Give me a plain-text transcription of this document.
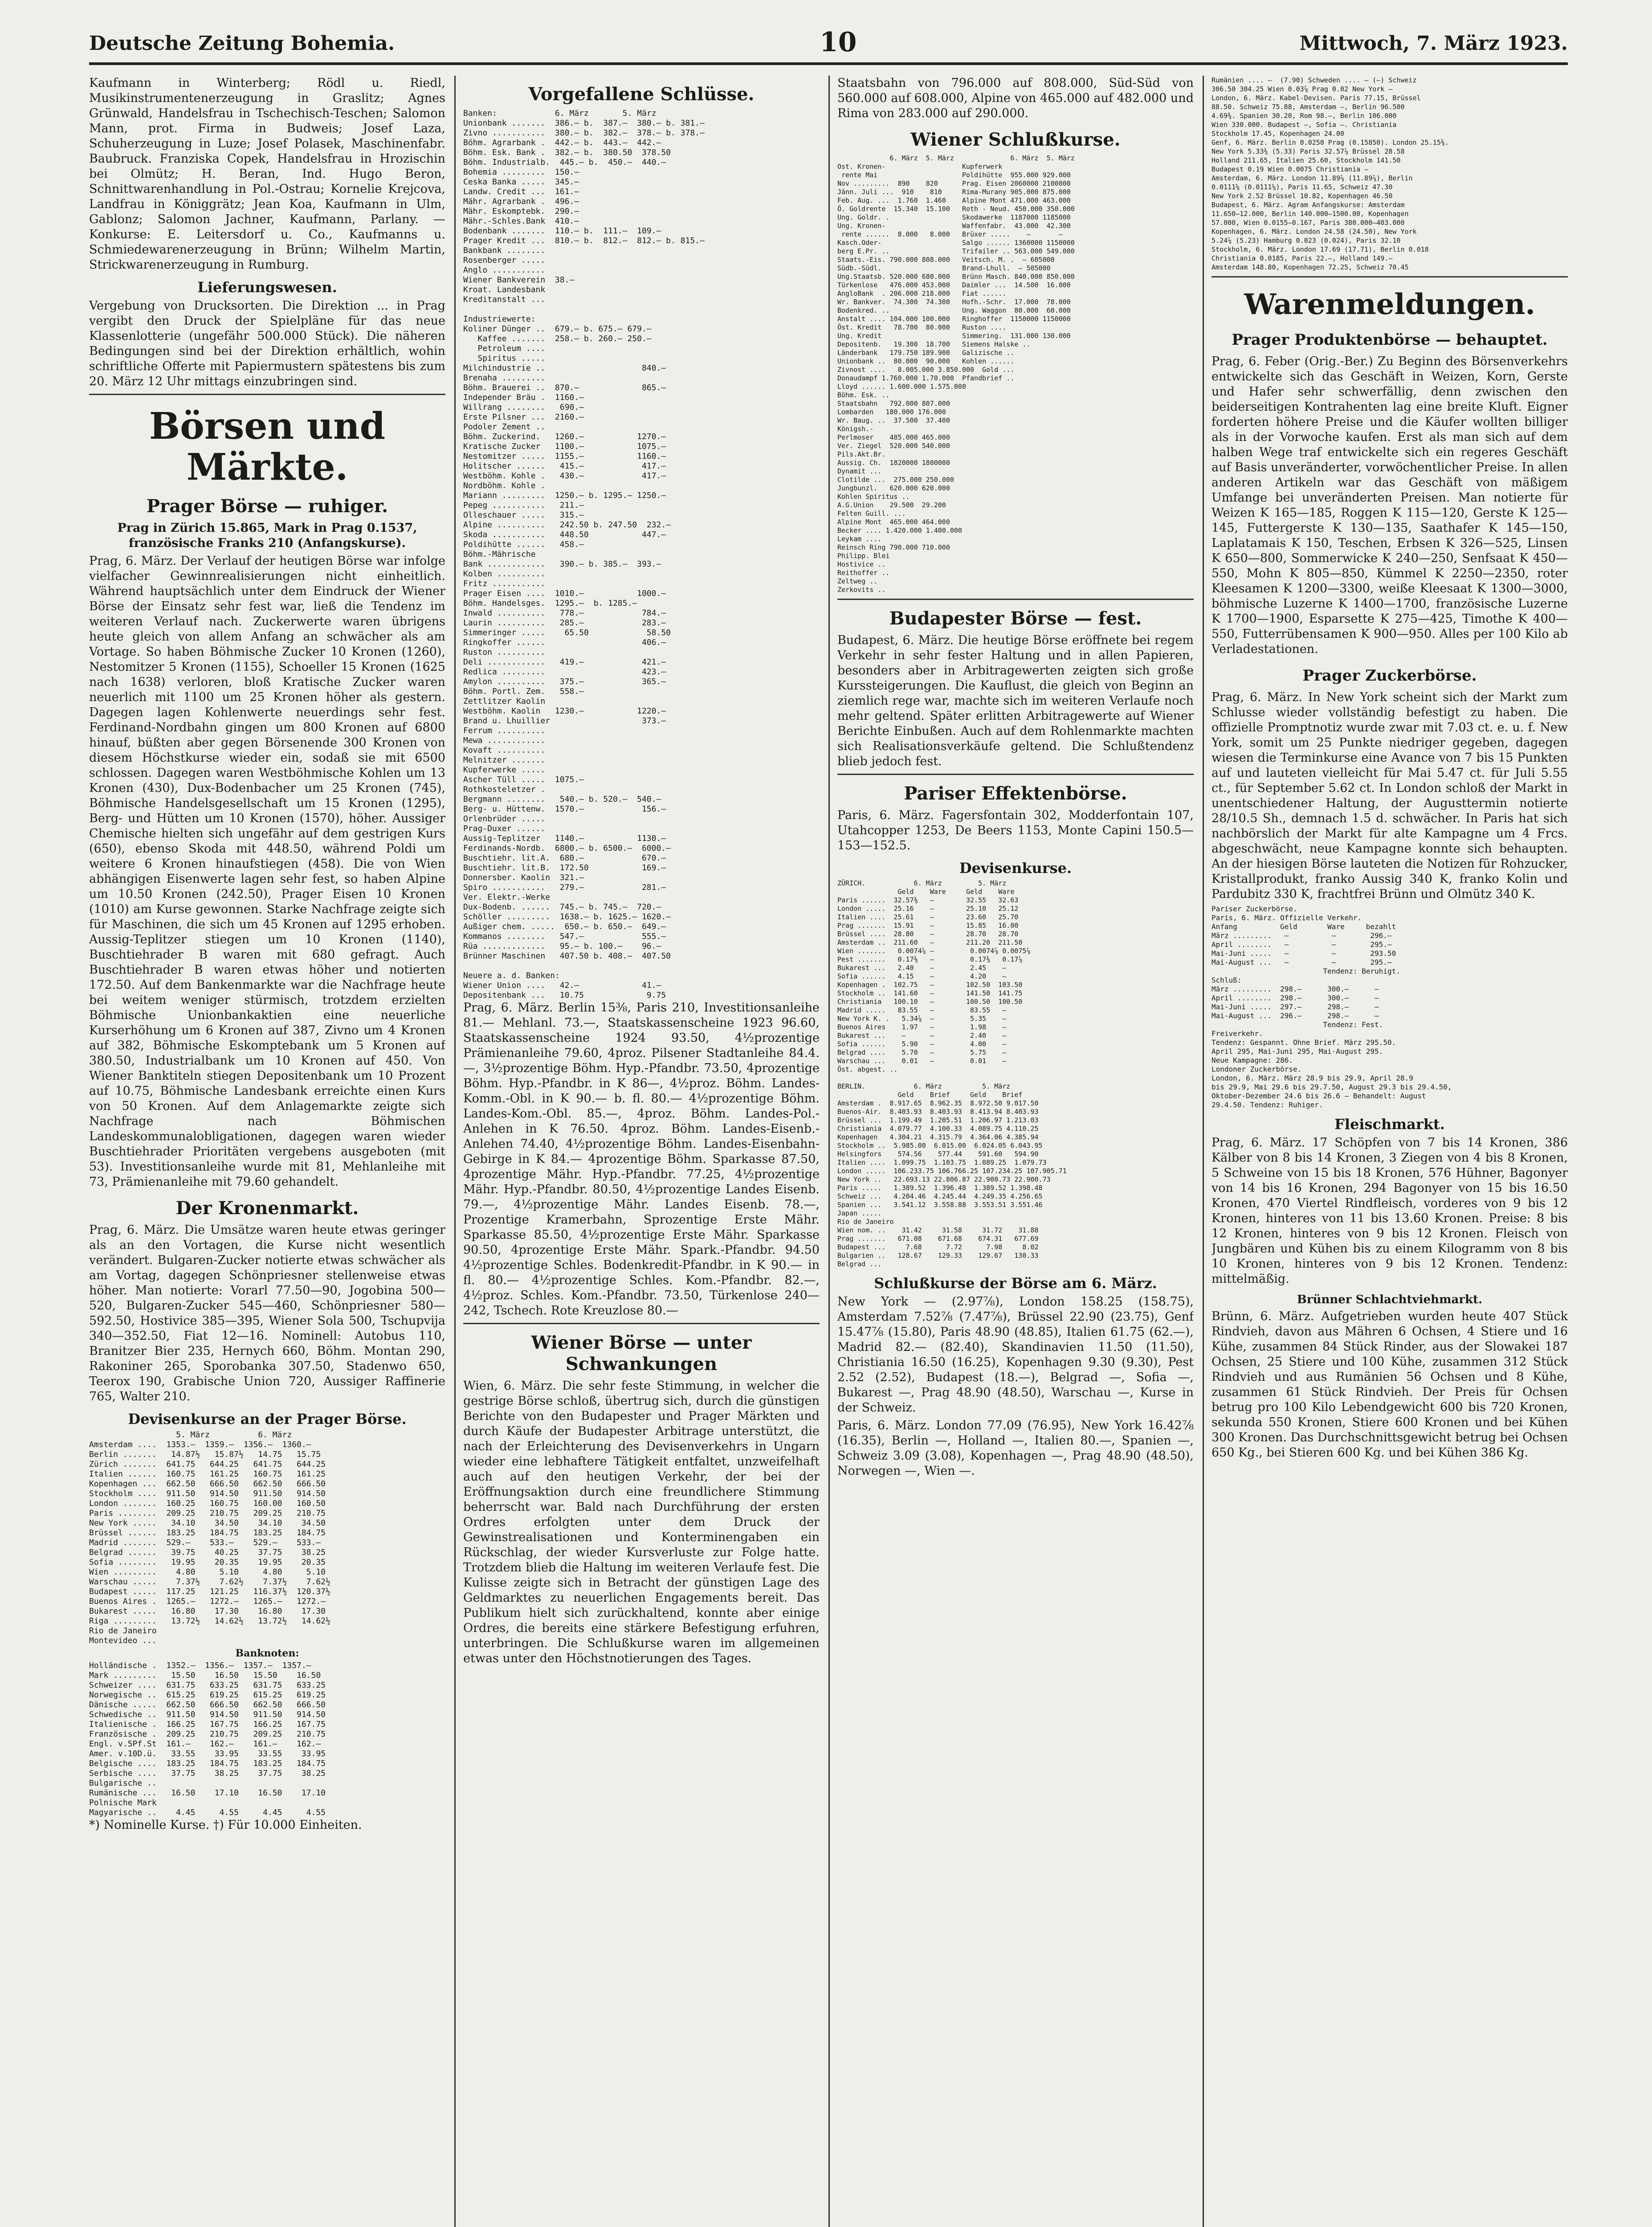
Deutsche Zeitung Bohemia.	10	Mittwoch, 7. März 1923.

Kaufmann in Winterberg; Rödl u. Riedl, Musikinstrumentenerzeugung in Graslitz; Agnes Grünwald, Handelsfrau in Tschechisch-Teschen; Salomon Mann, prot. Firma in Budweis; Josef Laza, Schuherzeugung in Luze; Josef Polasek, Maschinenfabr. Baubruck. Franziska Copek, Handelsfrau in Hrozischin bei Olmütz; H. Beran, Ind. Hugo Beron, Schnittwarenhandlung in Pol.-Ostrau; Kornelie Krejcova, Landfrau in Königgrätz; Jean Koa, Kaufmann in Ulm, Gablonz; Salomon Jachner, Kaufmann, Parlany. — Konkurse: E. Leitersdorf u. Co., Kaufmanns u. Schmiedewarenerzeugung in Brünn; Wilhelm Martin, Strickwarenerzeugung in Rumburg.

Lieferungswesen.

Vergebung von Drucksorten. Die Direktion ... in Prag vergibt den Druck der Spielpläne für das neue Klassenlotterie (ungefähr 500.000 Stück). Die näheren Bedingungen sind bei der Direktion erhältlich, wohin schriftliche Offerte mit Papiermustern spätestens bis zum 20. März 12 Uhr mittags einzubringen sind.

Börsen und Märkte.
Prager Börse — ruhiger.

Prag in Zürich 15.865, Mark in Prag 0.1537, französische Franks 210 (Anfangskurse).

Prag, 6. März. Der Verlauf der heutigen Börse war infolge vielfacher Gewinnrealisierungen nicht einheitlich. Während hauptsächlich unter dem Eindruck der Wiener Börse der Einsatz sehr fest war, ließ die Tendenz im weiteren Verlauf nach. Zuckerwerte waren übrigens heute gleich von allem Anfang an schwächer als am Vortage. So haben Böhmische Zucker 10 Kronen (1260), Nestomitzer 5 Kronen (1155), Schoeller 15 Kronen (1625 nach 1638) verloren, bloß Kratische Zucker waren neuerlich mit 1100 um 25 Kronen höher als gestern. Dagegen lagen Kohlenwerte neuerdings sehr fest. Ferdinand-Nordbahn gingen um 800 Kronen auf 6800 hinauf, büßten aber gegen Börsenende 300 Kronen von diesem Höchstkurse wieder ein, sodaß sie mit 6500 schlossen. Dagegen waren Westböhmische Kohlen um 13 Kronen (430), Dux-Bodenbacher um 25 Kronen (745), Böhmische Handelsgesellschaft um 15 Kronen (1295), Berg- und Hütten um 10 Kronen (1570), höher. Aussiger Chemische hielten sich ungefähr auf dem gestrigen Kurs (650), ebenso Skoda mit 448.50, während Poldi um weitere 6 Kronen hinaufstiegen (458). Die von Wien abhängigen Eisenwerte lagen sehr fest, so haben Alpine um 10.50 Kronen (242.50), Prager Eisen 10 Kronen (1010) am Kurse gewonnen. Starke Nachfrage zeigte sich für Maschinen, die sich um 45 Kronen auf 1295 erhoben. Aussig-Teplitzer stiegen um 10 Kronen (1140), Buschtiehrader B waren mit 680 gefragt. Auch Buschtiehrader B waren etwas höher und notierten 172.50. Auf dem Bankenmarkte war die Nachfrage heute bei weitem weniger stürmisch, trotzdem erzielten Böhmische Unionbankaktien eine neuerliche Kurserhöhung um 6 Kronen auf 387, Zivno um 4 Kronen auf 382, Böhmische Eskomptebank um 5 Kronen auf 380.50, Industrialbank um 10 Kronen auf 450. Von Wiener Banktiteln stiegen Depositenbank um 10 Prozent auf 10.75, Böhmische Landesbank erreichte einen Kurs von 50 Kronen. Auf dem Anlagemarkte zeigte sich Nachfrage nach Böhmischen Landeskommunalobligationen, dagegen waren wieder Buschtiehrader Prioritäten vergebens ausgeboten (mit 53). Investitionsanleihe wurde mit 81, Mehlanleihe mit 73, Prämienanleihe mit 79.60 gehandelt.

Der Kronenmarkt.

Prag, 6. März. Die Umsätze waren heute etwas geringer als an den Vortagen, die Kurse nicht wesentlich verändert. Bulgaren-Zucker notierte etwas schwächer als am Vortag, dagegen Schönpriesner stellenweise etwas höher. Man notierte: Vorarl 77.50—90, Jogobina 500—520, Bulgaren-Zucker 545—460, Schönpriesner 580—592.50, Hostivice 385—395, Wiener Sola 500, Tschupvija 340—352.50, Fiat 12—16. Nominell: Autobus 110, Branitzer Bier 235, Hernych 660, Böhm. Montan 290, Rakoniner 265, Sporobanka 307.50, Stadenwo 650, Teerox 190, Grabische Union 720, Aussiger Raffinerie 765, Walter 210.

Devisenkurse an der Prager Börse.
5. März          6. März
Amsterdam ....  1353.—  1359.—  1356.—  1360.—
Berlin .......   14.87½   15.87½   14.75   15.75
Zürich .......  641.75   644.25   641.75   644.25
Italien ......  160.75   161.25   160.75   161.25
Kopenhagen ...  662.50   666.50   662.50   666.50
Stockholm ....  911.50   914.50   911.50   914.50
London .......  160.25   160.75   160.00   160.50
Paris ........  209.25   210.75   209.25   210.75
New York .....   34.10    34.50    34.10    34.50
Brüssel ......  183.25   184.75   183.25   184.75
Madrid .......  529.—    533.—    529.—    533.—
Belgrad ......   39.75    40.25    37.75    38.25
Sofia ........   19.95    20.35    19.95    20.35
Wien .........    4.80     5.10     4.80     5.10
Warschau .....    7.37½    7.62½    7.37½    7.62½
Budapest .....  117.25   121.25   116.37½  120.37½
Buenos Aires .  1265.—   1272.—   1265.—   1272.—
Bukarest .....   16.80    17.30    16.80    17.30
Riga .........   13.72½   14.62½   13.72½   14.62½
Rio de Janeiro
Montevideo ...
Banknoten:
Holländische .  1352.—  1356.—  1357.—  1357.—
Mark .........   15.50    16.50   15.50    16.50
Schweizer ....  631.75   633.25   631.75   633.25
Norwegische ..  615.25   619.25   615.25   619.25
Dänische .....  662.50   666.50   662.50   666.50
Schwedische ..  911.50   914.50   911.50   914.50
Italienische .  166.25   167.75   166.25   167.75
Französische .  209.25   210.75   209.25   210.75
Engl. v.5Pf.St  161.—    162.—    161.—    162.—
Amer. v.10D.ü.   33.55    33.95    33.55    33.95
Belgische ....  183.25   184.75   183.25   184.75
Serbische ....   37.75    38.25    37.75    38.25
Bulgarische ..
Rumänische ...   16.50    17.10    16.50    17.10
Polnische Mark
Magyarische ..    4.45     4.55     4.45     4.55

*) Nominelle Kurse. †) Für 10.000 Einheiten.

Vorgefallene Schlüsse.
Banken:            6. März       5. März
Unionbank .......  386.— b.  387.—  380.— b. 381.—
Zivno ...........  380.— b.  382.—  378.— b. 378.—
Böhm. Agrarbank .  442.— b.  443.—  442.—
Böhm. Esk. Bank .  382.— b.  380.50  378.50
Böhm. Industrialb.  445.— b.  450.—  440.—
Bohemia .........  150.—
Ceska Banka .....  345.—
Landw. Credit ...  161.—
Mähr. Agrarbank .  496.—
Mähr. Eskomptebk.  290.—
Mähr.-Schles.Bank  410.—
Bodenbank .......  110.— b.  111.—  109.—
Prager Kredit ...  810.— b.  812.—  812.— b. 815.—
Bankbank ........
Rosenberger .....
Anglo ...........
Wiener Bankverein  38.—
Kroat. Landesbank
Kreditanstalt ...

Industriewerte:
Koliner Dünger ..  679.— b. 675.— 679.—
Kaffee .......  258.— b. 260.— 250.—
Petroleum ....
Spiritus .....
Milchindustrie ..                    840.—
Brenaha .........
Böhm. Brauerei ..  870.—             865.—
Independer Bräu .  1160.—
Willrang ........   690.—
Erste Pilsner ...  2160.—
Podoler Zement ..
Böhm. Zuckerind.   1260.—           1270.—
Kratische Zucker   1100.—           1075.—
Nestomitzer .....  1155.—           1160.—
Holitscher ......   415.—            417.—
Westböhm. Kohle .   430.—            417.—
Nordböhm. Kohle .
Mariann .........  1250.— b. 1295.— 1250.—
Pepeg ...........   211.—
Olleschauer .....   315.—
Alpine ..........   242.50 b. 247.50  232.—
Skoda ...........   448.50           447.—
Poldihütte ......   458.—
Böhm.-Mährische
Bank ............   390.— b. 385.—  393.—
Kolben ..........
Fritz ...........
Prager Eisen ....  1010.—           1000.—
Böhm. Handelsges.  1295.—  b. 1285.—
Inwald ..........   778.—            784.—
Laurin ..........   285.—            283.—
Simmeringer .....    65.50            58.50
Ringkoffer ......                    406.—
Ruston ..........
Deli ............   419.—            421.—
Redlica .........                    423.—
Amylon ..........   375.—            365.—
Böhm. Portl. Zem.   558.—
Zettlitzer Kaolin
Westböhm. Kaolin   1230.—           1220.—
Brand u. Lhuillier                   373.—
Ferrum ..........
Mewa ............
Kovaft ..........
Melnitzer .......
Kupferwerke .....
Ascher Tüll .....  1075.—
Rothkosteletzer .
Bergmann ........   540.— b. 520.—  540.—
Berg- u. Hüttenw.  1570.—            156.—
Orlenbrüder .....
Prag-Duxer ......
Aussig-Teplitzer   1140.—           1130.—
Ferdinands-Nordb.  6800.— b. 6500.—  6000.—
Buschtiehr. lit.A.  680.—            670.—
Buschtiehr. lit.B.  172.50           169.—
Donnersber. Kaolin  321.—
Spiro ...........   279.—            281.—
Ver. Elektr.-Werke
Dux-Bodenb. ......  745.— b. 745.—  720.—
Schöller .........  1638.— b. 1625.— 1620.—
Außiger chem. .....  650.— b. 650.—  649.—
Kommanos ........   547.—            555.—
Rüa .............   95.— b. 100.—    96.—
Brünner Maschinen   407.50 b. 408.—  407.50

Neuere a. d. Banken:
Wiener Union ....   42.—             41.—
Depositenbank ...   10.75             9.75

Prag, 6. März. Berlin 15⅜, Paris 210, Investitionsanleihe 81.— Mehlanl. 73.—, Staatskassenscheine 1923 96.60, Staatskassenscheine 1924 93.50, 4½prozentige Prämienanleihe 79.60, 4proz. Pilsener Stadtanleihe 84.4.—, 3½prozentige Böhm. Hyp.-Pfandbr. 73.50, 4prozentige Böhm. Hyp.-Pfandbr. in K 86—, 4½proz. Böhm. Landes-Komm.-Obl. in K 90.— b. fl. 80.— 4½prozentige Böhm. Landes-Kom.-Obl. 85.—, 4proz. Böhm. Landes-Pol.-Anlehen in K 76.50. 4proz. Böhm. Landes-Eisenb.-Anlehen 74.40, 4½prozentige Böhm. Landes-Eisenbahn-Gebirge in K 84.— 4prozentige Böhm. Sparkasse 87.50, 4prozentige Mähr. Hyp.-Pfandbr. 77.25, 4½prozentige Mähr. Hyp.-Pfandbr. 80.50, 4½prozentige Landes Eisenb. 79.—, 4½prozentige Mähr. Landes Eisenb. 78.—, Prozentige Kramerbahn, Sprozentige Erste Mähr. Sparkasse 85.50, 4½prozentige Erste Mähr. Sparkasse 90.50, 4prozentige Erste Mähr. Spark.-Pfandbr. 94.50 4½prozentige Schles. Bodenkredit-Pfandbr. in K 90.— in fl. 80.— 4½prozentige Schles. Kom.-Pfandbr. 82.—, 4½proz. Schles. Kom.-Pfandbr. 73.50, Türkenlose 240—242, Tschech. Rote Kreuzlose 80.—

Wiener Börse — unter Schwankungen

Wien, 6. März. Die sehr feste Stimmung, in welcher die gestrige Börse schloß, übertrug sich, durch die günstigen Berichte von den Budapester und Prager Märkten und durch Käufe der Budapester Arbitrage unterstützt, die nach der Erleichterung des Devisenverkehrs in Ungarn wieder eine lebhaftere Tätigkeit entfaltet, unzweifelhaft auch auf den heutigen Verkehr, der bei der Eröffnungsaktion durch eine freundlichere Stimmung beherrscht war. Bald nach Durchführung der ersten Ordres erfolgten unter dem Druck der Gewinstrealisationen und Konterminengaben ein Rückschlag, der wieder Kursverluste zur Folge hatte. Trotzdem blieb die Haltung im weiteren Verlaufe fest. Die Kulisse zeigte sich in Betracht der günstigen Lage des Geldmarktes zu neuerlichen Engagements bereit. Das Publikum hielt sich zurückhaltend, konnte aber einige Ordres, die bereits eine stärkere Befestigung erfuhren, unterbringen. Die Schlußkurse waren im allgemeinen etwas unter den Höchstnotierungen des Tages.

Staatsbahn von 796.000 auf 808.000, Süd-Süd von 560.000 auf 608.000, Alpine von 465.000 auf 482.000 und Rima von 283.000 auf 290.000.

Wiener Schlußkurse.
6. März  5. März              6. März  5. März
Ost. Kronen-                   Kupferwerk
rente Mai                     Poldihütte  955.000 929.000
Nov .........  890    820      Prag. Eisen 2060000 2100000
Jänn. Juli ...  910    810     Rima-Murany 905.000 875.000
Feb. Aug. ...  1.760  1.460    Alpine Mont 471.000 463.000
Ö. Goldrente  15.340  15.100   Roth - Neud. 450.000 350.000
Ung. Goldr. .                  Skodawerke  1187000 1185000
Ung. Kronen-                   Waffenfabr.  43.000  42.300
rente ......  8.000   8.000   Brüxer .....    —       —
Kasch.Oder-                    Salgo ...... 1360000 1150000
berg E.Pr. ..                  Trifailer .. 563.000 549.000
Staats.-Eis. 790.000 808.000   Veitsch. M. .  — 605000
Südb.-Südl.                    Brand-Lhull.  — 505000
Ung.Staatsb. 520.000 680.000   Brünn Masch. 840.000 850.000
Türkenlose   476.000 453.000   Daimler ...  14.500  16.000
AngloBank  . 206.000 218.000   Fiat ......
Wr. Bankver.  74.300  74.300   Hofh.-Schr.  17.000  78.000
Bodenkred. ..                  Ung. Waggon  80.000  60.000
Anstalt .... 104.000 100.000   Ringhoffer  1150000 1150000
Öst. Kredit   78.700  80.000   Ruston ....
Ung. Kredit                    Simmering.  131.000 130.000
Depositenb.   19.300  18.700   Siemens Halske ..
Länderbank   179.750 189.900   Galizische ..
Unionbank ..  80.000  90.000   Kohlen ......
Zivnost ....   8.005.000 3.850.000  Gold ...
Donaudampf 1.760.000 1.70.000  Pfandbrief ..
Lloyd ...... 1.600.000 1.575.000
Böhm. Esk. ..
Staatsbahn   792.000 807.000
Lombarden   180.000 176.000
Wr. Baug. ..  37.500  37.400
Königsh.-
Perlmoser    485.000 465.000
Ver. Ziegel  520.000 540.000
Pils.Akt.Br.
Aussig. Ch.  1820000 1800000
Dynamit ...
Clotilde ...  275.000 250.000
Jungbunzl.   620.000 620.000
Kohlen Spiritus ..
A.G.Union    29.500  29.200
Felten Guill. ...
Alpine Mont  465.000 464.000
Becker .... 1.420.000 1.400.000
Leykam ....
Reinsch Ring 790.000 710.000
Philipp. Blei
Hostivice ..
Reithoffer ..
Zeltweg ..
Zerkovits ..
Budapester Börse — fest.

Budapest, 6. März. Die heutige Börse eröffnete bei regem Verkehr in sehr fester Haltung und in allen Papieren, besonders aber in Arbitragewerten zeigten sich große Kurssteigerungen. Die Kauflust, die gleich von Beginn an ziemlich rege war, machte sich im weiteren Verlaufe noch mehr geltend. Später erlitten Arbitragewerte auf Wiener Berichte Einbußen. Auch auf dem Rohlenmarkte machten sich Realisationsverkäufe geltend. Die Schlußtendenz blieb jedoch fest.

Pariser Effektenbörse.

Paris, 6. März. Fagersfontain 302, Modderfontain 107, Utahcopper 1253, De Beers 1153, Monte Capini 150.5—153—152.5.

Devisenkurse.
ZÜRICH.            6. März         5. März
Geld    Ware     Geld    Ware
Paris ......  32.57⅜   —        32.55   32.63
London .....  25.16    —        25.10   25.12
Italien ....  25.61    —        23.60   25.70
Prag .......  15.91    —        15.85   16.00
Brüssel ....  28.80    —        28.70   28.70
Amsterdam ..  211.60   —        211.20  211.50
Wien .......   0.0074⅞ —         0.0074⅞ 0.0075⅞
Pest .......   0.17⅜   —         0.17⅜   0.17⅞
Bukarest ...   2.40    —         2.45    —
Sofia ......   4.15    —         4.20    —
Kopenhagen .  102.75   —        102.50  103.50
Stockholm ..  141.60   —        141.50  141.75
Christiania   100.10   —        100.50  100.50
Madrid .....   83.55   —         83.55   —
New York K. .   5.34⅞  —         5.35    —
Buenos Aires    1.97   —         1.98    —
Bukarest ...    —      —         2.40    —
Sofia ......    5.90   —         4.00    —
Belgrad ....    5.70   —         5.75    —
Warschau ...    0.01   —         0.01    —
Öst. abgest. ..

BERLIN.            6. März          5. März
Geld    Brief     Geld    Brief
Amsterdam .  8.917.65  8.962.35  8.972.50 9.017.50
Buenos-Air.  8.403.93  8.403.93  8.413.94 8.403.93
Brüssel ...  1.199.49  1.205.51  1.206.97 1.213.03
Christiania  4.079.77  4.100.33  4.089.75 4.110.25
Kopenhagen   4.304.21  4.315.79  4.364.06 4.385.94
Stockholm ..  5.985.00  6.015.00  6.024.05 6.043.95
Helsingfors    574.56    577.44    591.60   594.90
Italien ....  1.099.75  1.103.75  1.089.25  1.079.73
London .....  106.233.75 106.766.25 107.234.25 107.905.71
New York ..   22.693.13 22.806.87 22.900.73 22.900.73
Paris .....   1.389.52  1.396.48  1.389.52 1.398.48
Schweiz ...   4.204.46  4.245.44  4.249.35 4.256.65
Spanien ...   3.541.12  3.558.88  3.553.51 3.551.46
Japan .....
Rio de Janeiro
Wien nom. ..    31.42     31.58     31.72    31.88
Prag .......   671.08    671.68    674.31   677.69
Budapest ...     7.68      7.72      7.98     8.02
Bulgarien ..   128.67    129.33    129.67   130.33
Belgrad ...
Schlußkurse der Börse am 6. März.

New York — (2.97⅞), London 158.25 (158.75), Amsterdam 7.52⅞ (7.47⅞), Brüssel 22.90 (23.75), Genf 15.47⅞ (15.80), Paris 48.90 (48.85), Italien 61.75 (62.—), Madrid 82.— (82.40), Skandinavien 11.50 (11.50), Christiania 16.50 (16.25), Kopenhagen 9.30 (9.30), Pest 2.52 (2.52), Budapest (18.—), Belgrad —, Sofia —, Bukarest —, Prag 48.90 (48.50), Warschau —, Kurse in der Schweiz.

Paris, 6. März. London 77.09 (76.95), New York 16.42⅞ (16.35), Berlin —, Holland —, Italien 80.—, Spanien —, Schweiz 3.09 (3.08), Kopenhagen —, Prag 48.90 (48.50), Norwegen —, Wien —.

Rumänien .... —  (7.90) Schweden .... — (—) Schweiz
306.50 304.25 Wien 0.03⅞ Prag 0.02 New York —
London, 6. März. Kabel-Devisen. Paris 77.15, Brüssel
88.50. Schweiz 75.88, Amsterdam —, Berlin 96.500
4.69⅜. Spanien 30.20, Rom 98.—, Berlin 106.000
Wien 330.000. Budapest —, Sofia —. Christiania
Stockholm 17.45, Kopenhagen 24.00
Genf, 6. März. Berlin 0.0250 Prag (0.15850). London 25.15⅜.
New York 5.33⅜ (5.33) Paris 32.57⅞ Brüssel 28.58
Holland 211.65, Italien 25.60, Stockholm 141.50
Budapest 0.19 Wien 0.0075 Christiania —
Amsterdam, 6. März. London 11.89⅞ (11.89⅞), Berlin
0.0111⅝ (0.0111⅝), Paris 11.65, Schweiz 47.30
New York 2.52 Brüssel 10.82, Kopenhagen 46.50
Budapest, 6. März. Agram Anfangskurse: Amsterdam
11.650—12.000, Berlin 140.000—1500.00, Kopenhagen
57.000, Wien 0.0155—0.167, Paris 380.000—403.000
Kopenhagen, 6. März. London 24.58 (24.50), New York
5.24⅞ (5.23) Hamburg 0.023 (0.024), Paris 32.10
Stockholm, 6. März. London 17.69 (17.71), Berlin 0.018
Christiania 0.0185, Paris 22.—, Holland 149.—
Amsterdam 148.80, Kopenhagen 72.25, Schweiz 70.45
Warenmeldungen.
Prager Produktenbörse — behauptet.

Prag, 6. Feber (Orig.-Ber.) Zu Beginn des Börsenverkehrs entwickelte sich das Geschäft in Weizen, Korn, Gerste und Hafer sehr schwerfällig, denn zwischen den beiderseitigen Kontrahenten lag eine breite Kluft. Eigner forderten höhere Preise und die Käufer wollten billiger als in der Vorwoche kaufen. Erst als man sich auf dem halben Wege traf entwickelte sich ein regeres Geschäft auf Basis unveränderter, vorwöchentlicher Preise. In allen anderen Artikeln war das Geschäft von mäßigem Umfange bei unveränderten Preisen. Man notierte für Weizen K 165—185, Roggen K 115—120, Gerste K 125—145, Futtergerste K 130—135, Saathafer K 145—150, Laplatamais K 150, Teschen, Erbsen K 326—525, Linsen K 650—800, Sommerwicke K 240—250, Senfsaat K 450—550, Mohn K 805—850, Kümmel K 2250—2350, roter Kleesamen K 1200—3300, weiße Kleesaat K 1300—3000, böhmische Luzerne K 1400—1700, französische Luzerne K 1700—1900, Esparsette K 275—425, Timothe K 400—550, Futterrübensamen K 900—950. Alles per 100 Kilo ab Verladestationen.

Prager Zuckerbörse.

Prag, 6. März. In New York scheint sich der Markt zum Schlusse wieder vollständig befestigt zu haben. Die offizielle Promptnotiz wurde zwar mit 7.03 ct. e. u. f. New York, somit um 25 Punkte niedriger gegeben, dagegen wiesen die Terminkurse eine Avance von 7 bis 15 Punkten auf und lauteten vielleicht für Mai 5.47 ct. für Juli 5.55 ct., für September 5.62 ct. In London schloß der Markt in unentschiedener Haltung, der Augusttermin notierte 28/10.5 Sh., demnach 1.5 d. schwächer. In Paris hat sich nachbörslich der Markt für alte Kampagne um 4 Frcs. abgeschwächt, neue Kampagne konnte sich behaupten. An der hiesigen Börse lauteten die Notizen für Rohzucker, Kristallprodukt, franko Aussig 340 K, franko Kolin und Pardubitz 330 K, frachtfrei Brünn und Olmütz 340 K.

Pariser Zuckerbörse.
Paris, 6. März. Offizielle Verkehr.
Anfang          Geld       Ware     bezahlt
März .........   —          —        296.—
April ........   —          —        295.—
Mai-Juni .....   —          —        293.50
Mai-August ...   —          —        295.—
Tendenz: Beruhigt.
Schluß:
März .........  298.—      300.—      —
April ........  298.—      300.—      —
Mai-Juni .....  297.—      298.—      —
Mai-August ...  296.—      298.—      —
Tendenz: Fest.
Freiverkehr.
Tendenz: Gespannt. Ohne Brief. März 295.50.
April 295, Mai-Juni 295, Mai-August 295.
Neue Kampagne: 286.
Londoner Zuckerbörse.
London, 6. März. März 28.9 bis 29.9, April 28.9
bis 29.9, Mai 29.6 bis 29.7.50, August 29.3 bis 29.4.50,
Oktober-Dezember 24.6 bis 26.6 — Behandelt: August
29.4.50. Tendenz: Ruhiger.
Fleischmarkt.

Prag, 6. März. 17 Schöpfen von 7 bis 14 Kronen, 386 Kälber von 8 bis 14 Kronen, 3 Ziegen von 4 bis 8 Kronen, 5 Schweine von 15 bis 18 Kronen, 576 Hühner, Bagonyer von 14 bis 16 Kronen, 294 Bagonyer von 15 bis 16.50 Kronen, 470 Viertel Rindfleisch, vorderes von 9 bis 12 Kronen, hinteres von 11 bis 13.60 Kronen. Preise: 8 bis 12 Kronen, hinteres von 9 bis 12 Kronen. Fleisch von Jungbären und Kühen bis zu einem Kilogramm von 8 bis 10 Kronen, hinteres von 9 bis 12 Kronen. Tendenz: mittelmäßig.

Brünner Schlachtviehmarkt.

Brünn, 6. März. Aufgetrieben wurden heute 407 Stück Rindvieh, davon aus Mähren 6 Ochsen, 4 Stiere und 16 Kühe, zusammen 84 Stück Rinder, aus der Slowakei 187 Ochsen, 25 Stiere und 100 Kühe, zusammen 312 Stück Rindvieh und aus Rumänien 56 Ochsen und 8 Kühe, zusammen 61 Stück Rindvieh. Der Preis für Ochsen betrug pro 100 Kilo Lebendgewicht 600 bis 720 Kronen, sekunda 550 Kronen, Stiere 600 Kronen und bei Kühen 300 Kronen. Das Durchschnittsgewicht betrug bei Ochsen 650 Kg., bei Stieren 600 Kg. und bei Kühen 386 Kg.
